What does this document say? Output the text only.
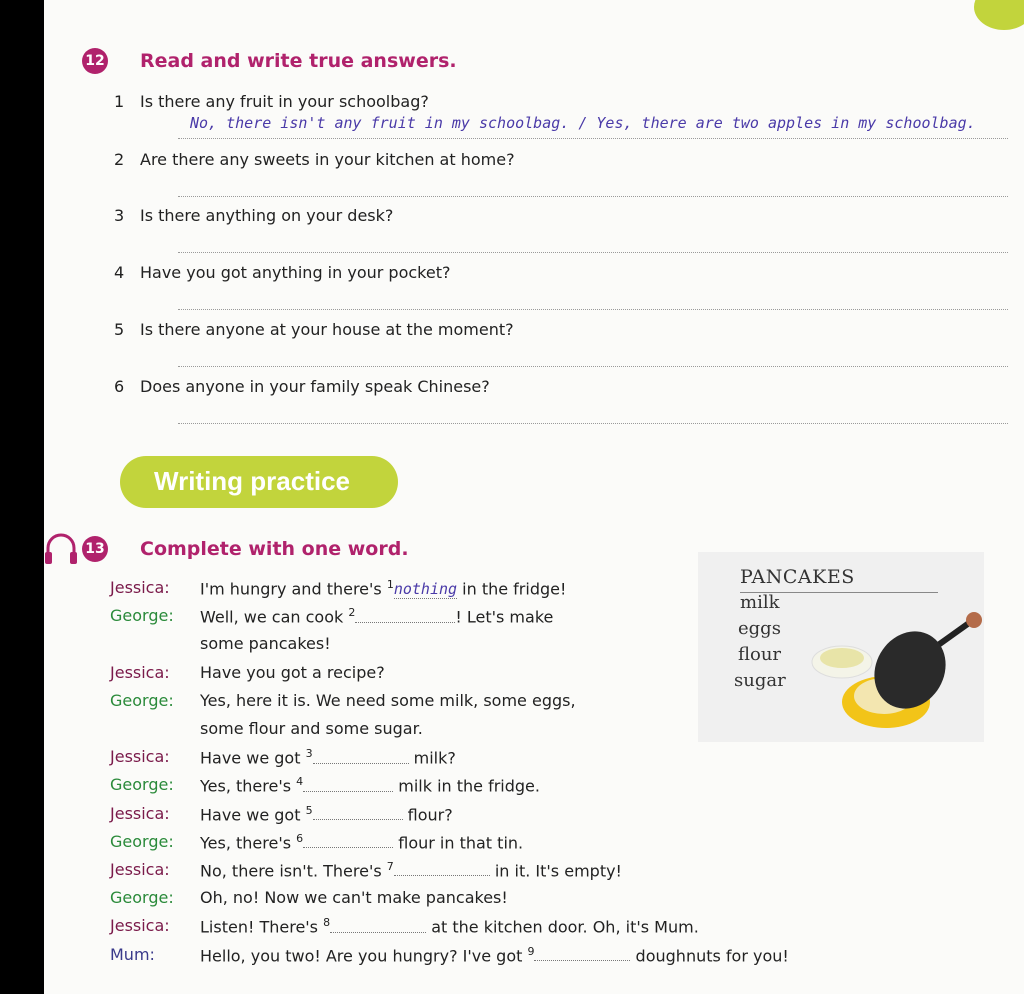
12 Read and write true answers.
1 Is there any fruit in your schoolbag?
2 Are there any sweets in your kitchen at home?
3 Is there anything on your desk?
4 Have you got anything in your pocket?
5 Is there anyone at your house at the moment?
6 Does anyone in your family speak Chinese?
No, there isn't any fruit in my schoolbag. / Yes, there are two apples in my schoolbag.
Writing practice
13 Complete with one word.
Jessica: I'm hungry and there's $^1$nothing in the fridge!
George: Well, we can cook $^2$	! Let's make
some pancakes!
Jessica: Have you got a recipe?
George: Yes, here it is. We need some milk, some eggs,
some flour and some sugar.
Jessica: Have we got $^3$	milk?
George: Yes, there's $^4$	milk in the fridge.
Jessica: Have we got $^5$	flour?
George: Yes, there's $^6$	flour in that tin.
Jessica: No, there isn't. There's $^7$	in it. It's empty!
George: Oh, no! Now we can't make pancakes!
Jessica: Listen! There's $^8$	at the kitchen door. Oh, it's Mum.
Mum:	Hello, you two! Are you hungry? I've got $^9$	doughnuts for you!
PANCAKES
milk
eggs
flour
sugar
